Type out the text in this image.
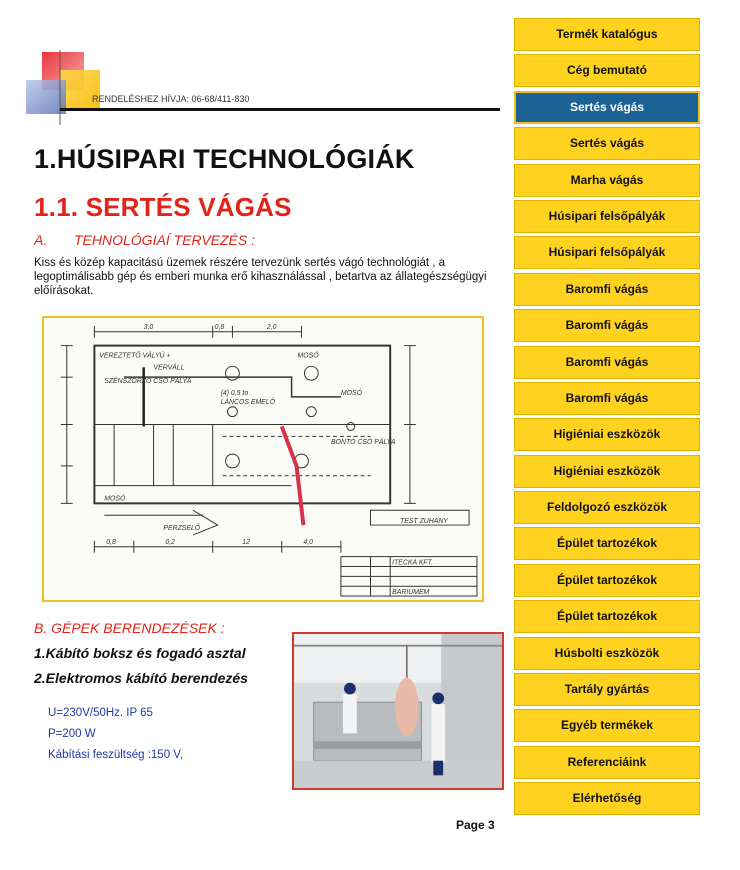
RENDELÉSHEZ HÍVJA: 06-68/411-830
1.HÚSIPARI TECHNOLÓGIÁK
1.1. SERTÉS VÁGÁS
A. TEHNOLÓGIAÍ TERVEZÉS :

Kiss és közép kapacitású üzemek részére tervezünk sertés vágó technológiát , a legoptimálisabb gép és emberi munka erő kihasználással , betartva az állategészségügyi előírásokat.

3,0	0,8	2,0
0,8	0,2	12	4,0
VEREZTETŐ VÁLYÚ +
VERVÁLL
MOSÓ
SZÉNSZŐRZŐ CSÓ PÁLYA
(4) 0,5 to
LÁNCOS EMELŐ
MOSÓ
BONTÓ CSÓ PÁLYA
PERZSELŐ
TEST ZUHANY
MOSÓ
ITECKA KFT.
BARIUMEM
B. GÉPEK BERENDEZÉSEK :
1.Kábító boksz és fogadó asztal
2.Elektromos kábító berendezés
U=230V/50Hz. IP 65
P=200 W
Kábítási feszültség :150 V,
Page 3
Termék katalógus
Cég bemutató
Sertés vágás
Sertés vágás
Marha vágás
Húsipari felsőpályák
Húsipari felsőpályák
Baromfi vágás
Baromfi vágás
Baromfi vágás
Baromfi vágás
Higiéniai eszközök
Higiéniai eszközök
Feldolgozó eszközök
Épület tartozékok
Épület tartozékok
Épület tartozékok
Húsbolti eszközök
Tartály gyártás
Egyéb termékek
Referenciáink
Elérhetőség
